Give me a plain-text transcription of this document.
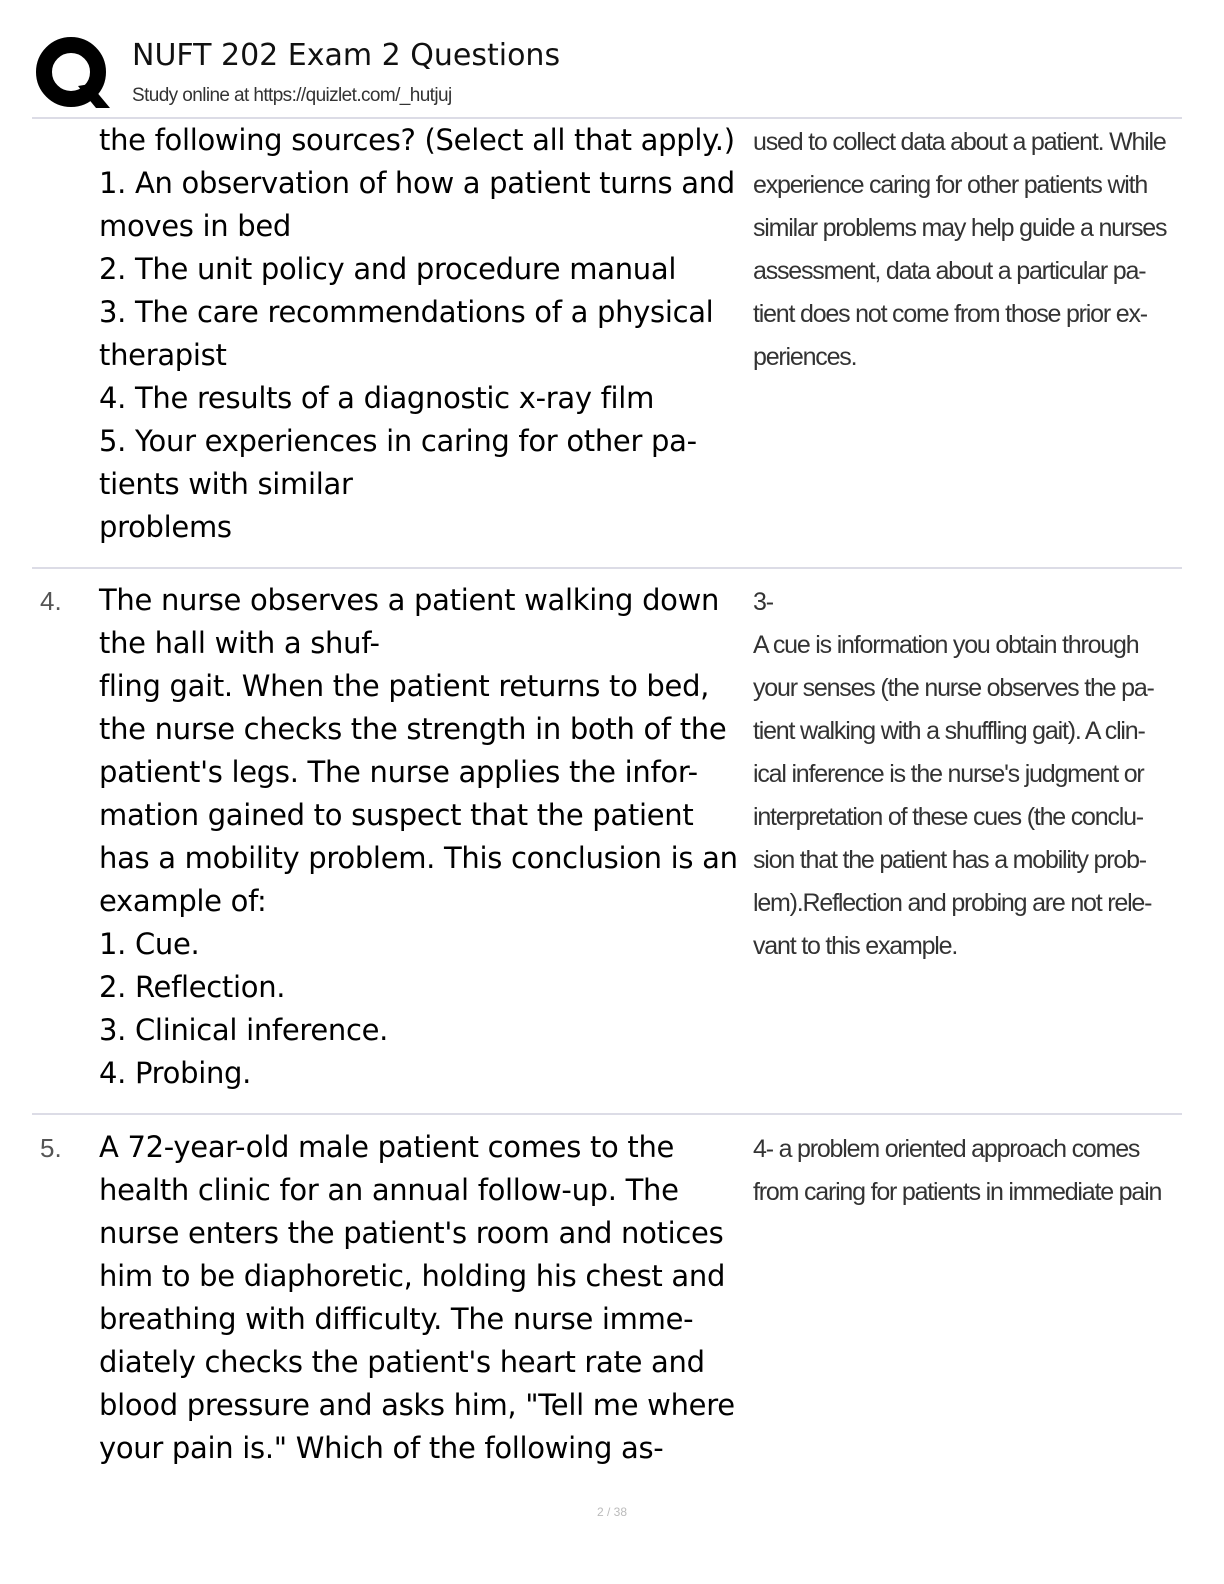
NUFT 202 Exam 2 Questions
Study online at https://quizlet.com/_hutjuj
the following sources? (Select all that apply.)
1. An observation of how a patient turns and
moves in bed
2. The unit policy and procedure manual
3. The care recommendations of a physical
therapist
4. The results of a diagnostic x-ray film
5. Your experiences in caring for other pa-
tients with similar
problems
used to collect data about a patient. While
experience caring for other patients with
similar problems may help guide a nurses
assessment, data about a particular pa-
tient does not come from those prior ex-
periences.
4.	The nurse observes a patient walking down
the hall with a shuf-
fling gait. When the patient returns to bed,
the nurse checks the strength in both of the
patient's legs. The nurse applies the infor-
mation gained to suspect that the patient
has a mobility problem. This conclusion is an
example of:
1. Cue.
2. Reflection.
3. Clinical inference.
4. Probing.
3-
A cue is information you obtain through
your senses (the nurse observes the pa-
tient walking with a shuffling gait). A clin-
ical inference is the nurse's judgment or
interpretation of these cues (the conclu-
sion that the patient has a mobility prob-
lem).Reflection and probing are not rele-
vant to this example.
5.	A 72-year-old male patient comes to the
health clinic for an annual follow-up. The
nurse enters the patient's room and notices
him to be diaphoretic, holding his chest and
breathing with difficulty. The nurse imme-
diately checks the patient's heart rate and
blood pressure and asks him, "Tell me where
your pain is." Which of the following as-
4- a problem oriented approach comes
from caring for patients in immediate pain
2 / 38
